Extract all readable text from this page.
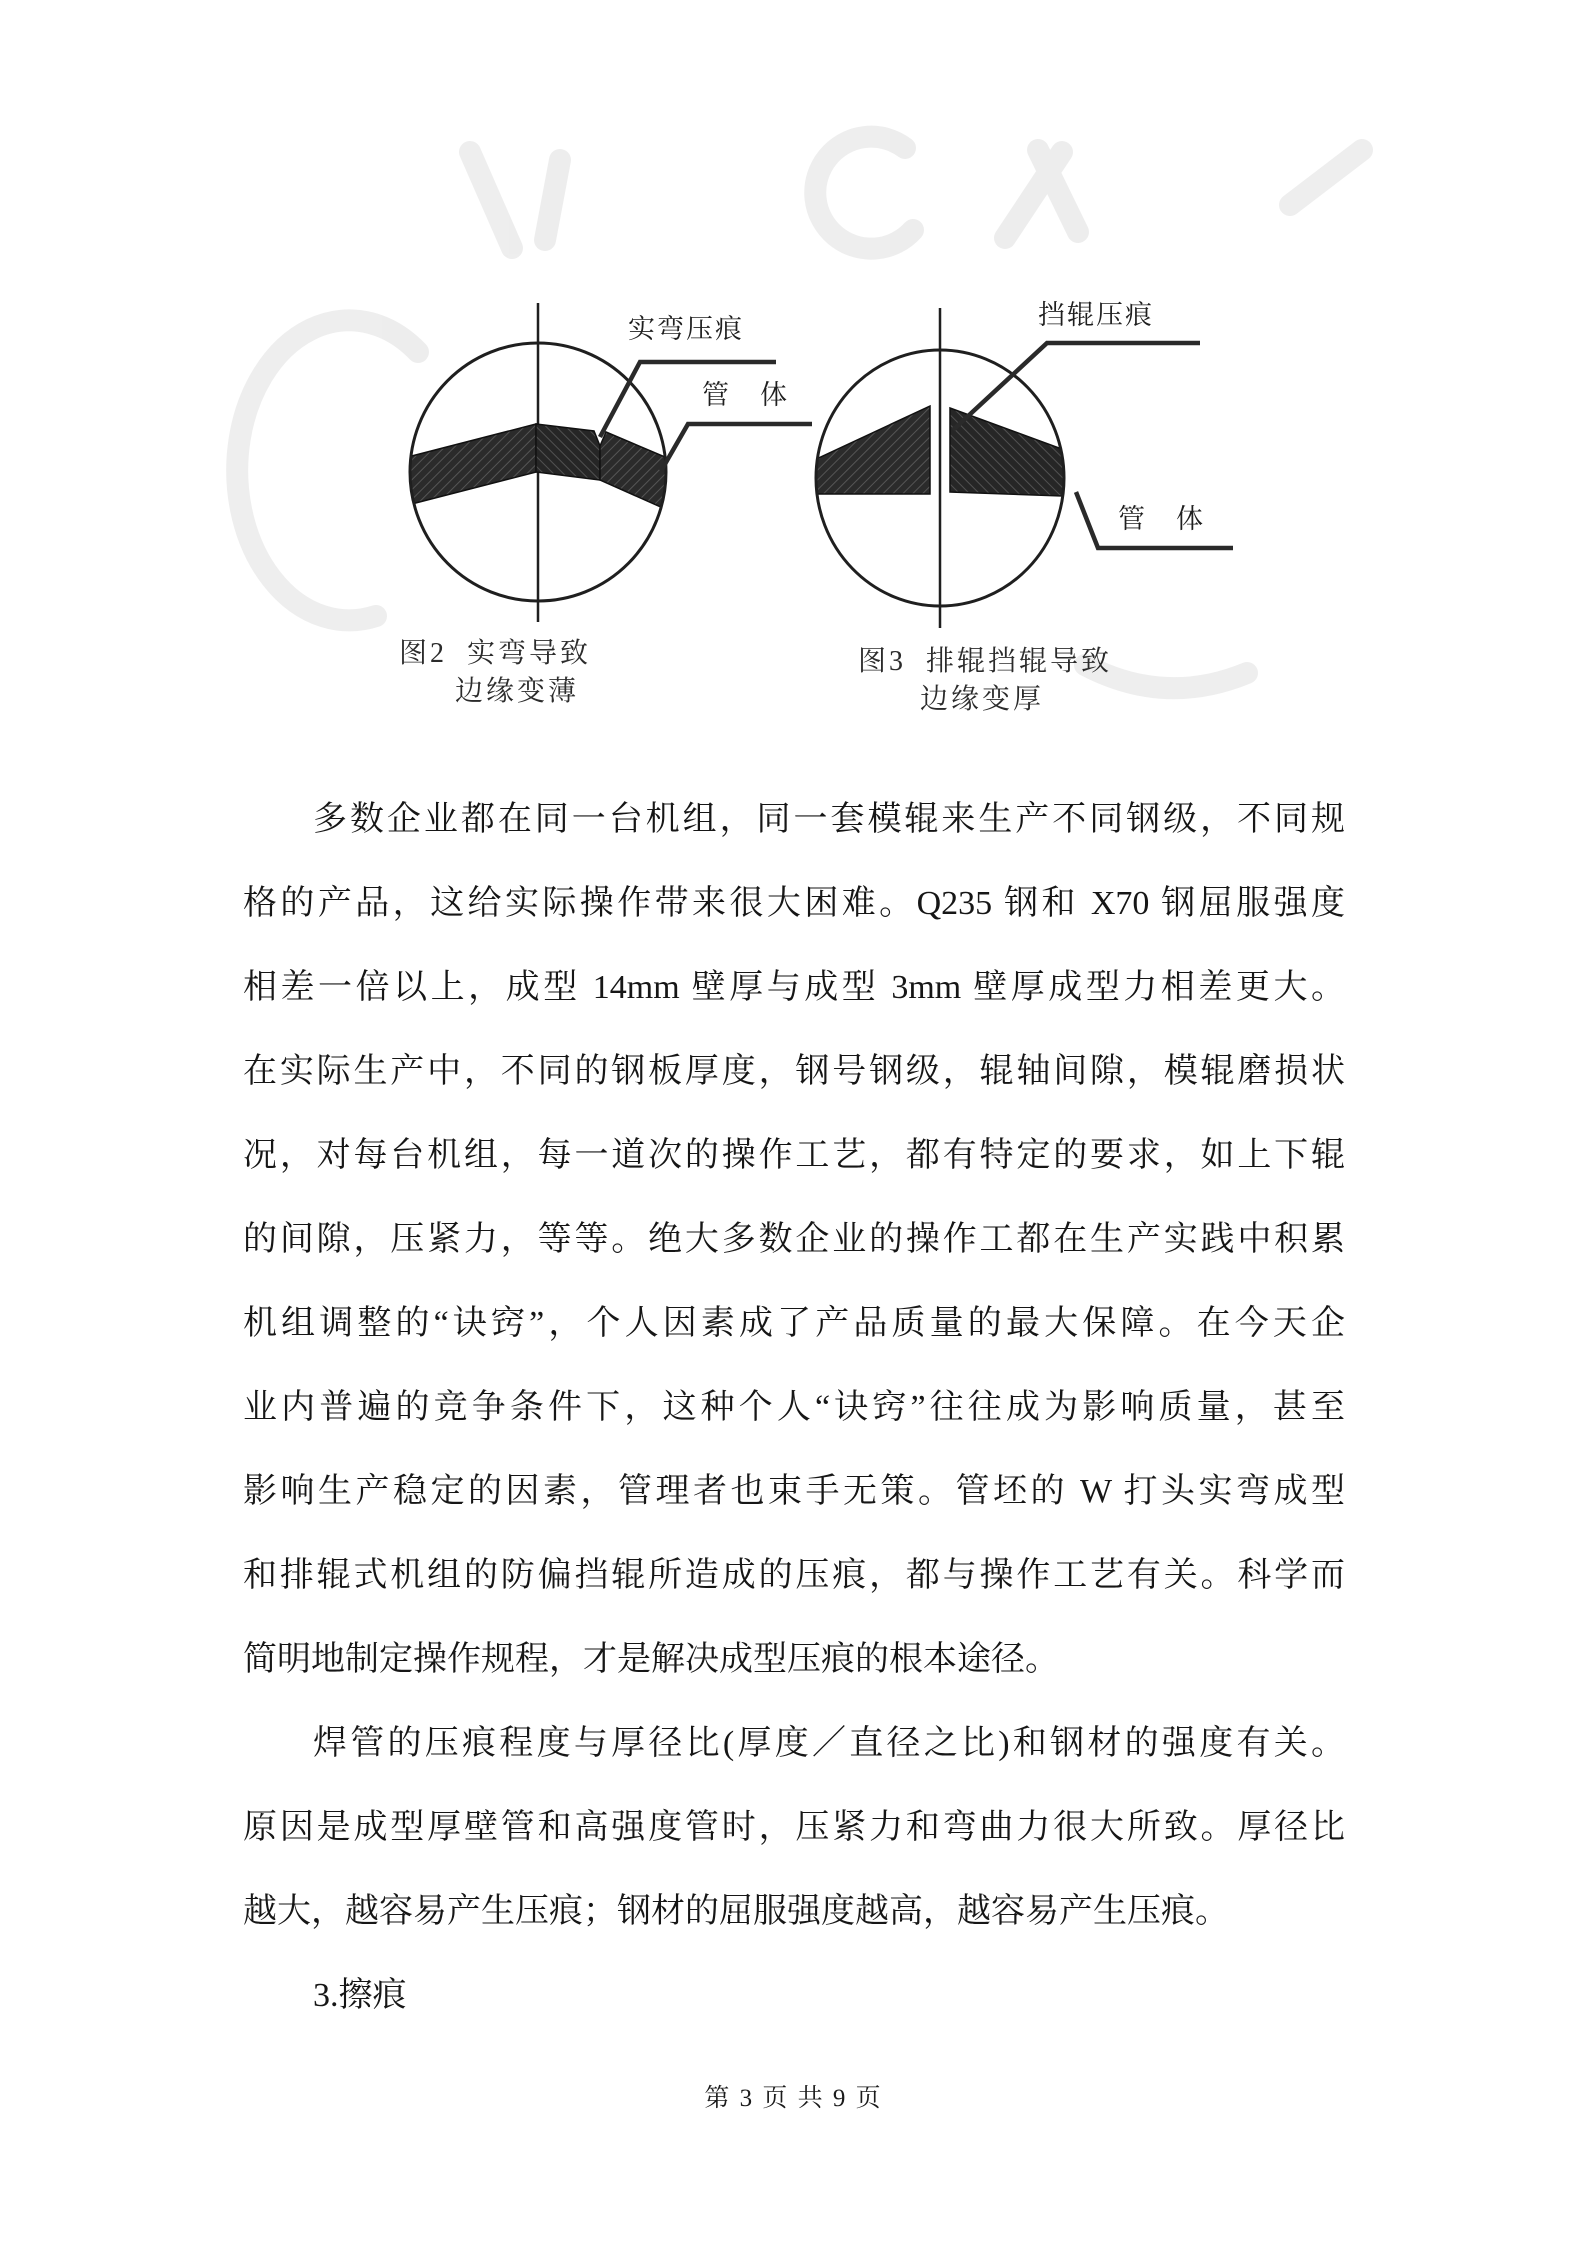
实弯压痕
管　体
挡辊压痕
管　体
图2  实弯导致
边缘变薄
图3  排辊挡辊导致
边缘变厚
多数企业都在同一台机组，同一套模辊来生产不同钢级，不同规
格的产品，这给实际操作带来很大困难。Q235 钢和 X70 钢屈服强度
相差一倍以上，成型 14mm 壁厚与成型 3mm 壁厚成型力相差更大。
在实际生产中，不同的钢板厚度，钢号钢级，辊轴间隙，模辊磨损状
况，对每台机组，每一道次的操作工艺，都有特定的要求，如上下辊
的间隙，压紧力，等等。绝大多数企业的操作工都在生产实践中积累
机组调整的“诀窍”，个人因素成了产品质量的最大保障。在今天企
业内普遍的竞争条件下，这种个人“诀窍”往往成为影响质量，甚至
影响生产稳定的因素，管理者也束手无策。管坯的 W 打头实弯成型
和排辊式机组的防偏挡辊所造成的压痕，都与操作工艺有关。科学而
简明地制定操作规程，才是解决成型压痕的根本途径。
焊管的压痕程度与厚径比(厚度／直径之比)和钢材的强度有关。
原因是成型厚壁管和高强度管时，压紧力和弯曲力很大所致。厚径比
越大，越容易产生压痕；钢材的屈服强度越高，越容易产生压痕。
3.擦痕
第 3 页 共 9 页
